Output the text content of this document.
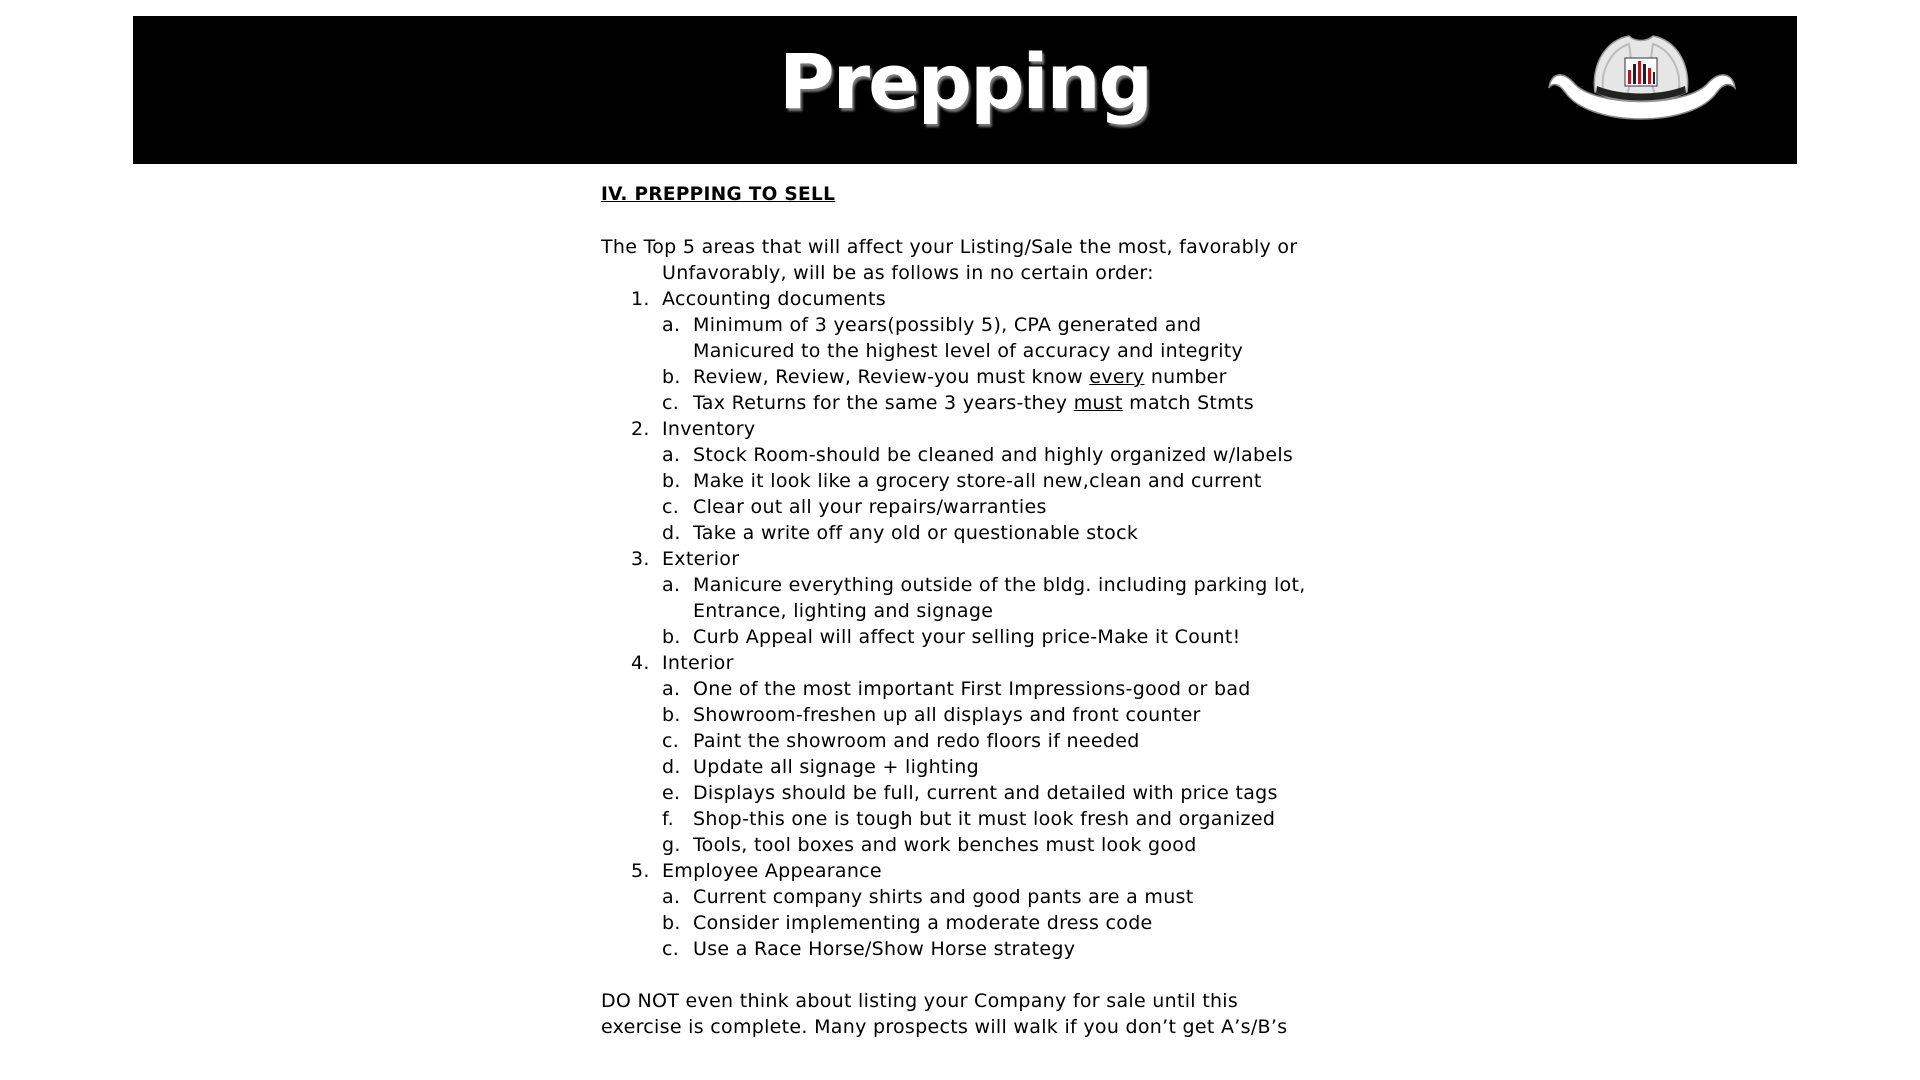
Prepping
IV. PREPPING TO SELL

The Top 5 areas that will affect your Listing/Sale the most, favorably or
Unfavorably, will be as follows in no certain order:

1. Accounting documents
a. Minimum of 3 years(possibly 5), CPA generated and
Manicured to the highest level of accuracy and integrity
b. Review, Review, Review-you must know every number
c. Tax Returns for the same 3 years-they must match Stmts
2. Inventory
a. Stock Room-should be cleaned and highly organized w/labels
b. Make it look like a grocery store-all new,clean and current
c. Clear out all your repairs/warranties
d. Take a write off any old or questionable stock
3. Exterior
a. Manicure everything outside of the bldg. including parking lot,
Entrance, lighting and signage
b. Curb Appeal will affect your selling price-Make it Count!
4. Interior
a. One of the most important First Impressions-good or bad
b. Showroom-freshen up all displays and front counter
c. Paint the showroom and redo floors if needed
d. Update all signage + lighting
e. Displays should be full, current and detailed with price tags
f. Shop-this one is tough but it must look fresh and organized
g. Tools, tool boxes and work benches must look good
5. Employee Appearance
a. Current company shirts and good pants are a must
b. Consider implementing a moderate dress code
c. Use a Race Horse/Show Horse strategy

DO NOT even think about listing your Company for sale until this

exercise is complete. Many prospects will walk if you don’t get A’s/B’s
